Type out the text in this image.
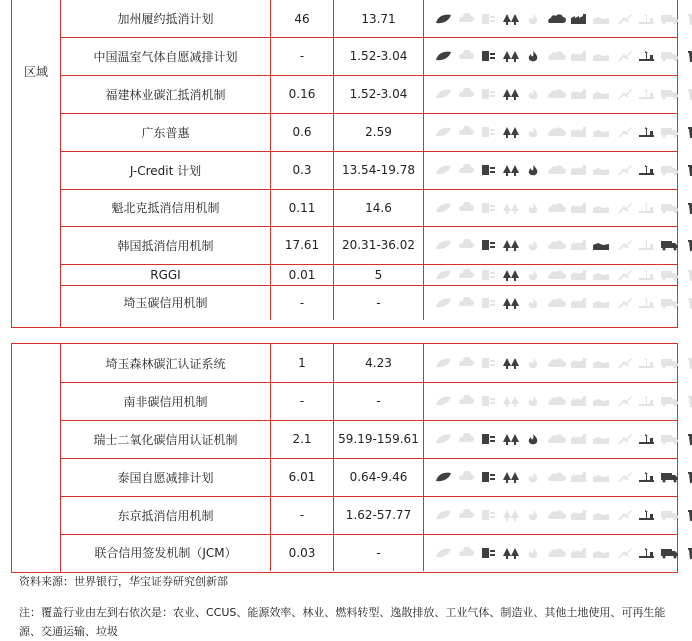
区域
加州履约抵消计划	46	13.71
中国温室气体自愿减排计划	-	1.52-3.04
福建林业碳汇抵消机制	0.16	1.52-3.04
广东普惠	0.6	2.59
J-Credit 计划	0.3	13.54-19.78
魁北克抵消信用机制	0.11	14.6
韩国抵消信用机制	17.61	20.31-36.02
RGGI	0.01	5
埼玉碳信用机制	-	-
埼玉森林碳汇认证系统	1	4.23
南非碳信用机制	-	-
瑞士二氧化碳信用认证机制	2.1	59.19-159.61
泰国自愿减排计划	6.01	0.64-9.46
东京抵消信用机制	-	1.62-57.77
联合信用签发机制（JCM）	0.03	-
资料来源：世界银行，华宝证券研究创新部
注：覆盖行业由左到右依次是：农业、CCUS、能源效率、林业、燃料转型、逸散排放、工业气体、制造业、其他土地使用、可再生能源、交通运输、垃圾
